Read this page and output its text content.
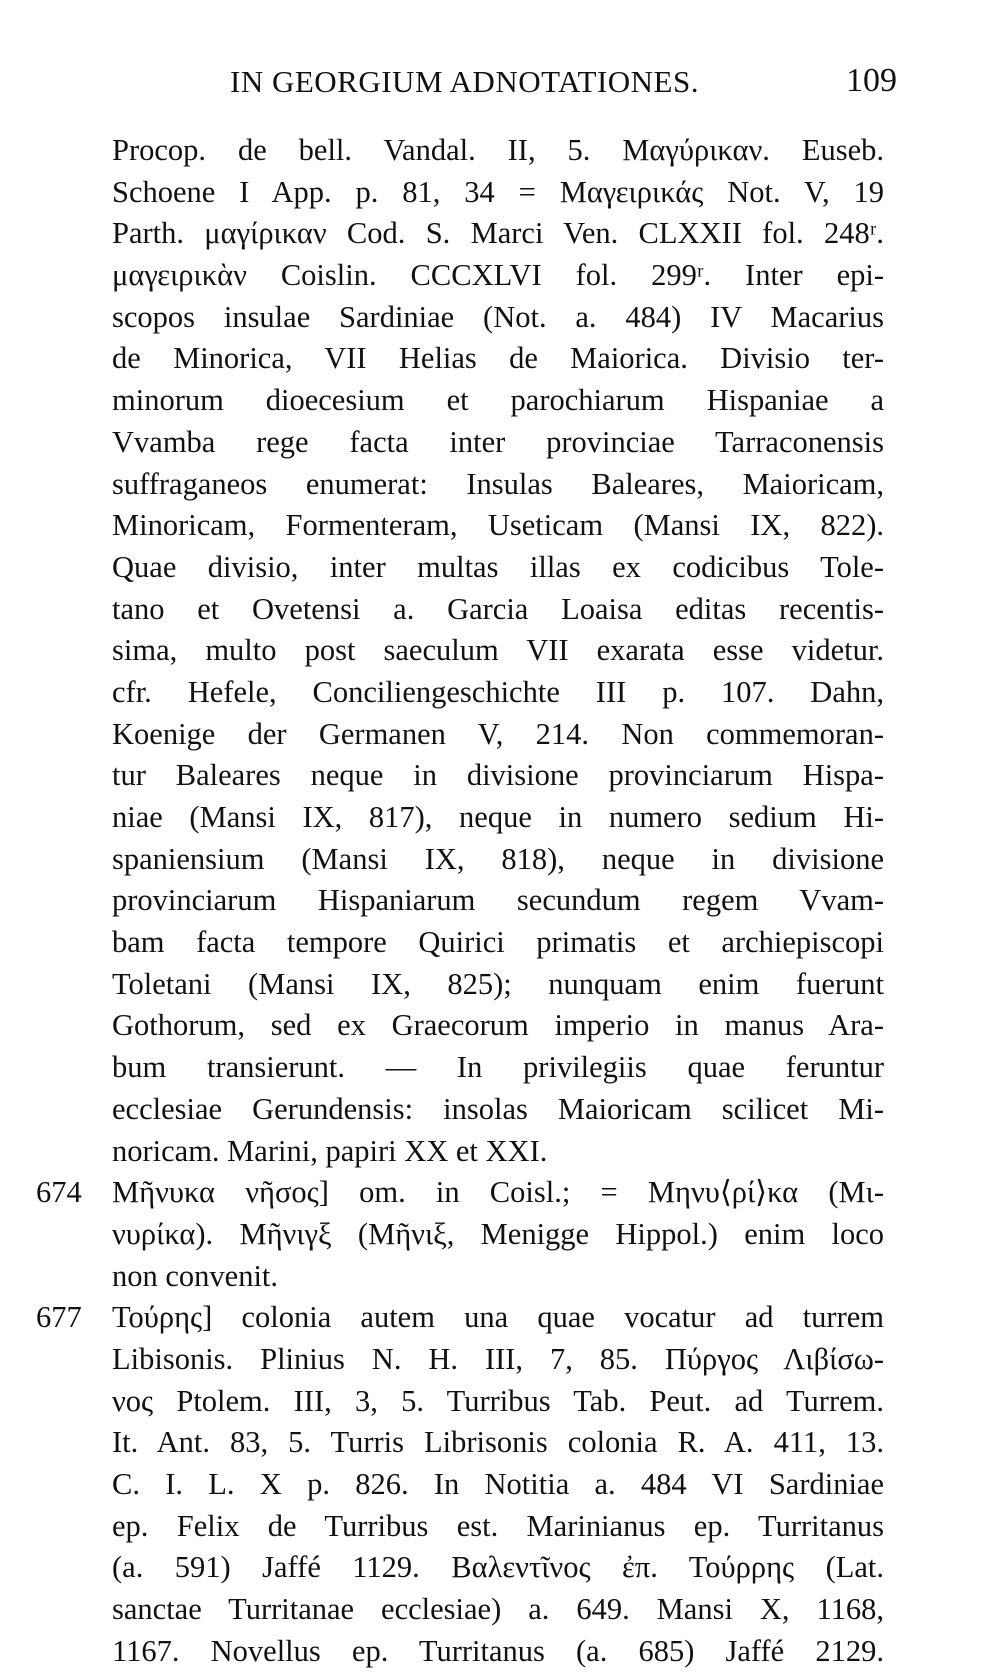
IN GEORGIUM ADNOTATIONES.	109
Procop. de bell. Vandal. II, 5. Μαγύρικαν. Euseb.
Schoene I App. p. 81, 34 = Μαγειρικάς Not. V, 19
Parth. μαγίρικαν Cod. S. Marci Ven. CLXXII fol. 248ʳ.
μαγειρικὰν Coislin. CCCXLVI fol. 299ʳ. Inter epi-
scopos insulae Sardiniae (Not. a. 484) IV Macarius
de Minorica, VII Helias de Maiorica. Divisio ter-
minorum dioecesium et parochiarum Hispaniae a
Vvamba rege facta inter provinciae Tarraconensis
suffraganeos enumerat: Insulas Baleares, Maioricam,
Minoricam, Formenteram, Useticam (Mansi IX, 822).
Quae divisio, inter multas illas ex codicibus Tole-
tano et Ovetensi a. Garcia Loaisa editas recentis-
sima, multo post saeculum VII exarata esse videtur.
cfr. Hefele, Conciliengeschichte III p. 107. Dahn,
Koenige der Germanen V, 214. Non commemoran-
tur Baleares neque in divisione provinciarum Hispa-
niae (Mansi IX, 817), neque in numero sedium Hi-
spaniensium (Mansi IX, 818), neque in divisione
provinciarum Hispaniarum secundum regem Vvam-
bam facta tempore Quirici primatis et archiepiscopi
Toletani (Mansi IX, 825); nunquam enim fuerunt
Gothorum, sed ex Graecorum imperio in manus Ara-
bum transierunt. — In privilegiis quae feruntur
ecclesiae Gerundensis: insolas Maioricam scilicet Mi-
noricam. Marini, papiri XX et XXI.
674 Μῆνυκα νῆσος] om. in Coisl.; = Μηνυ⟨ρί⟩κα (Μι-
νυρίκα). Μῆνιγξ (Μῆνιξ, Menigge Hippol.) enim loco
non convenit.
677 Τούρης] colonia autem una quae vocatur ad turrem
Libisonis. Plinius N. H. III, 7, 85. Πύργος Λιβίσω-
νος Ptolem. III, 3, 5. Turribus Tab. Peut. ad Turrem.
It. Ant. 83, 5. Turris Librisonis colonia R. A. 411, 13.
C. I. L. X p. 826. In Notitia a. 484 VI Sardiniae
ep. Felix de Turribus est. Marinianus ep. Turritanus
(a. 591) Jaffé 1129. Βαλεντῖνος ἐπ. Τούρρης (Lat.
sanctae Turritanae ecclesiae) a. 649. Mansi X, 1168,
1167. Novellus ep. Turritanus (a. 685) Jaffé 2129.
